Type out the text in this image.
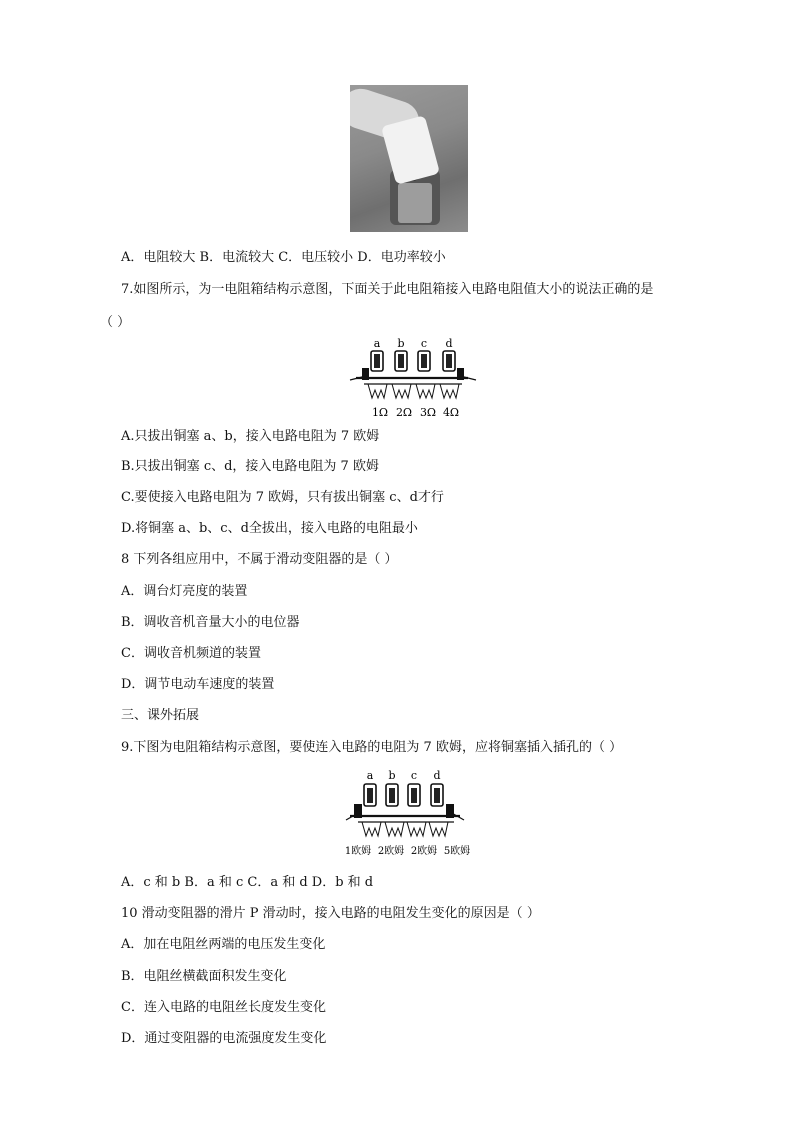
A．电阻较大 B．电流较大 C．电压较小 D．电功率较小
7.如图所示，为一电阻箱结构示意图，下面关于此电阻箱接入电路电阻值大小的说法正确的是
（ ）
a b c d
1Ω 2Ω 3Ω 4Ω
A.只拔出铜塞 a、b，接入电路电阻为 7 欧姆
B.只拔出铜塞 c、d，接入电路电阻为 7 欧姆
C.要使接入电路电阻为 7 欧姆，只有拔出铜塞 c、d才行
D.将铜塞 a、b、c、d全拔出，接入电路的电阻最小
8 下列各组应用中，不属于滑动变阻器的是（ ）
A．调台灯亮度的装置
B．调收音机音量大小的电位器
C．调收音机频道的装置
D．调节电动车速度的装置
三、课外拓展
9.下图为电阻箱结构示意图，要使连入电路的电阻为 7 欧姆，应将铜塞插入插孔的（ ）
a b c d
1欧姆 2欧姆 2欧姆 5欧姆
A．c 和 b B．a 和 c C．a 和 d D．b 和 d
10 滑动变阻器的滑片 P 滑动时，接入电路的电阻发生变化的原因是（ ）
A．加在电阻丝两端的电压发生变化
B．电阻丝横截面积发生变化
C．连入电路的电阻丝长度发生变化
D．通过变阻器的电流强度发生变化
